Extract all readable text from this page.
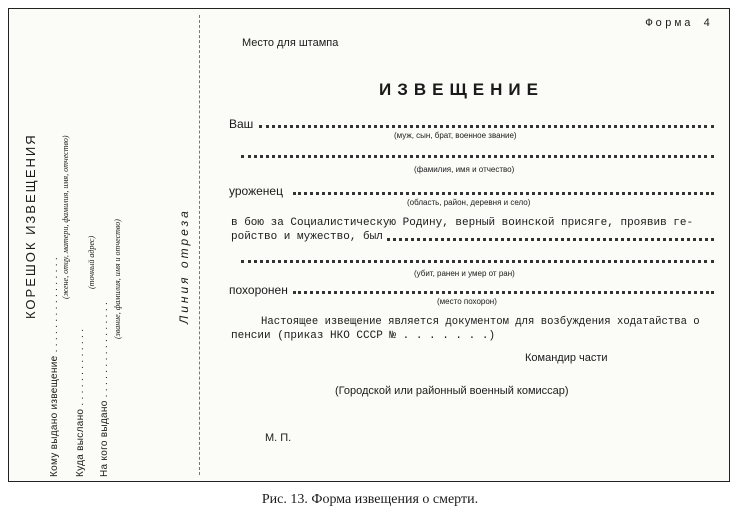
КОРЕШОК ИЗВЕЩЕНИЯ
Кому выдано извещение . . . . . . . . . . . . . . . .
(жене, отцу, матери, фамилия, имя, отчество)
Куда выслано . . . . . . . . . . . . .
(точный адрес)
На кого выдано . . . . . . . . . . . . . . . .
(звание, фамилия, имя и отчество)	Линия отреза
Форма 4
Место для штампа
ИЗВЕЩЕНИЕ
Ваш
(муж, сын, брат, военное звание)
(фамилия, имя и отчество)
уроженец
(область, район, деревня и село)
в бою за Социалистическую Родину, верный воинской присяге, проявив ге-
ройство и мужество, был
(убит, ранен и умер от ран)
похоронен
(место похорон)
Настоящее извещение является документом для возбуждения ходатайства о
пенсии (приказ НКО СССР № . . . . . . .)
Командир части
(Городской или районный военный комиссар)
М. П.
Рис. 13. Форма извещения о смерти.
